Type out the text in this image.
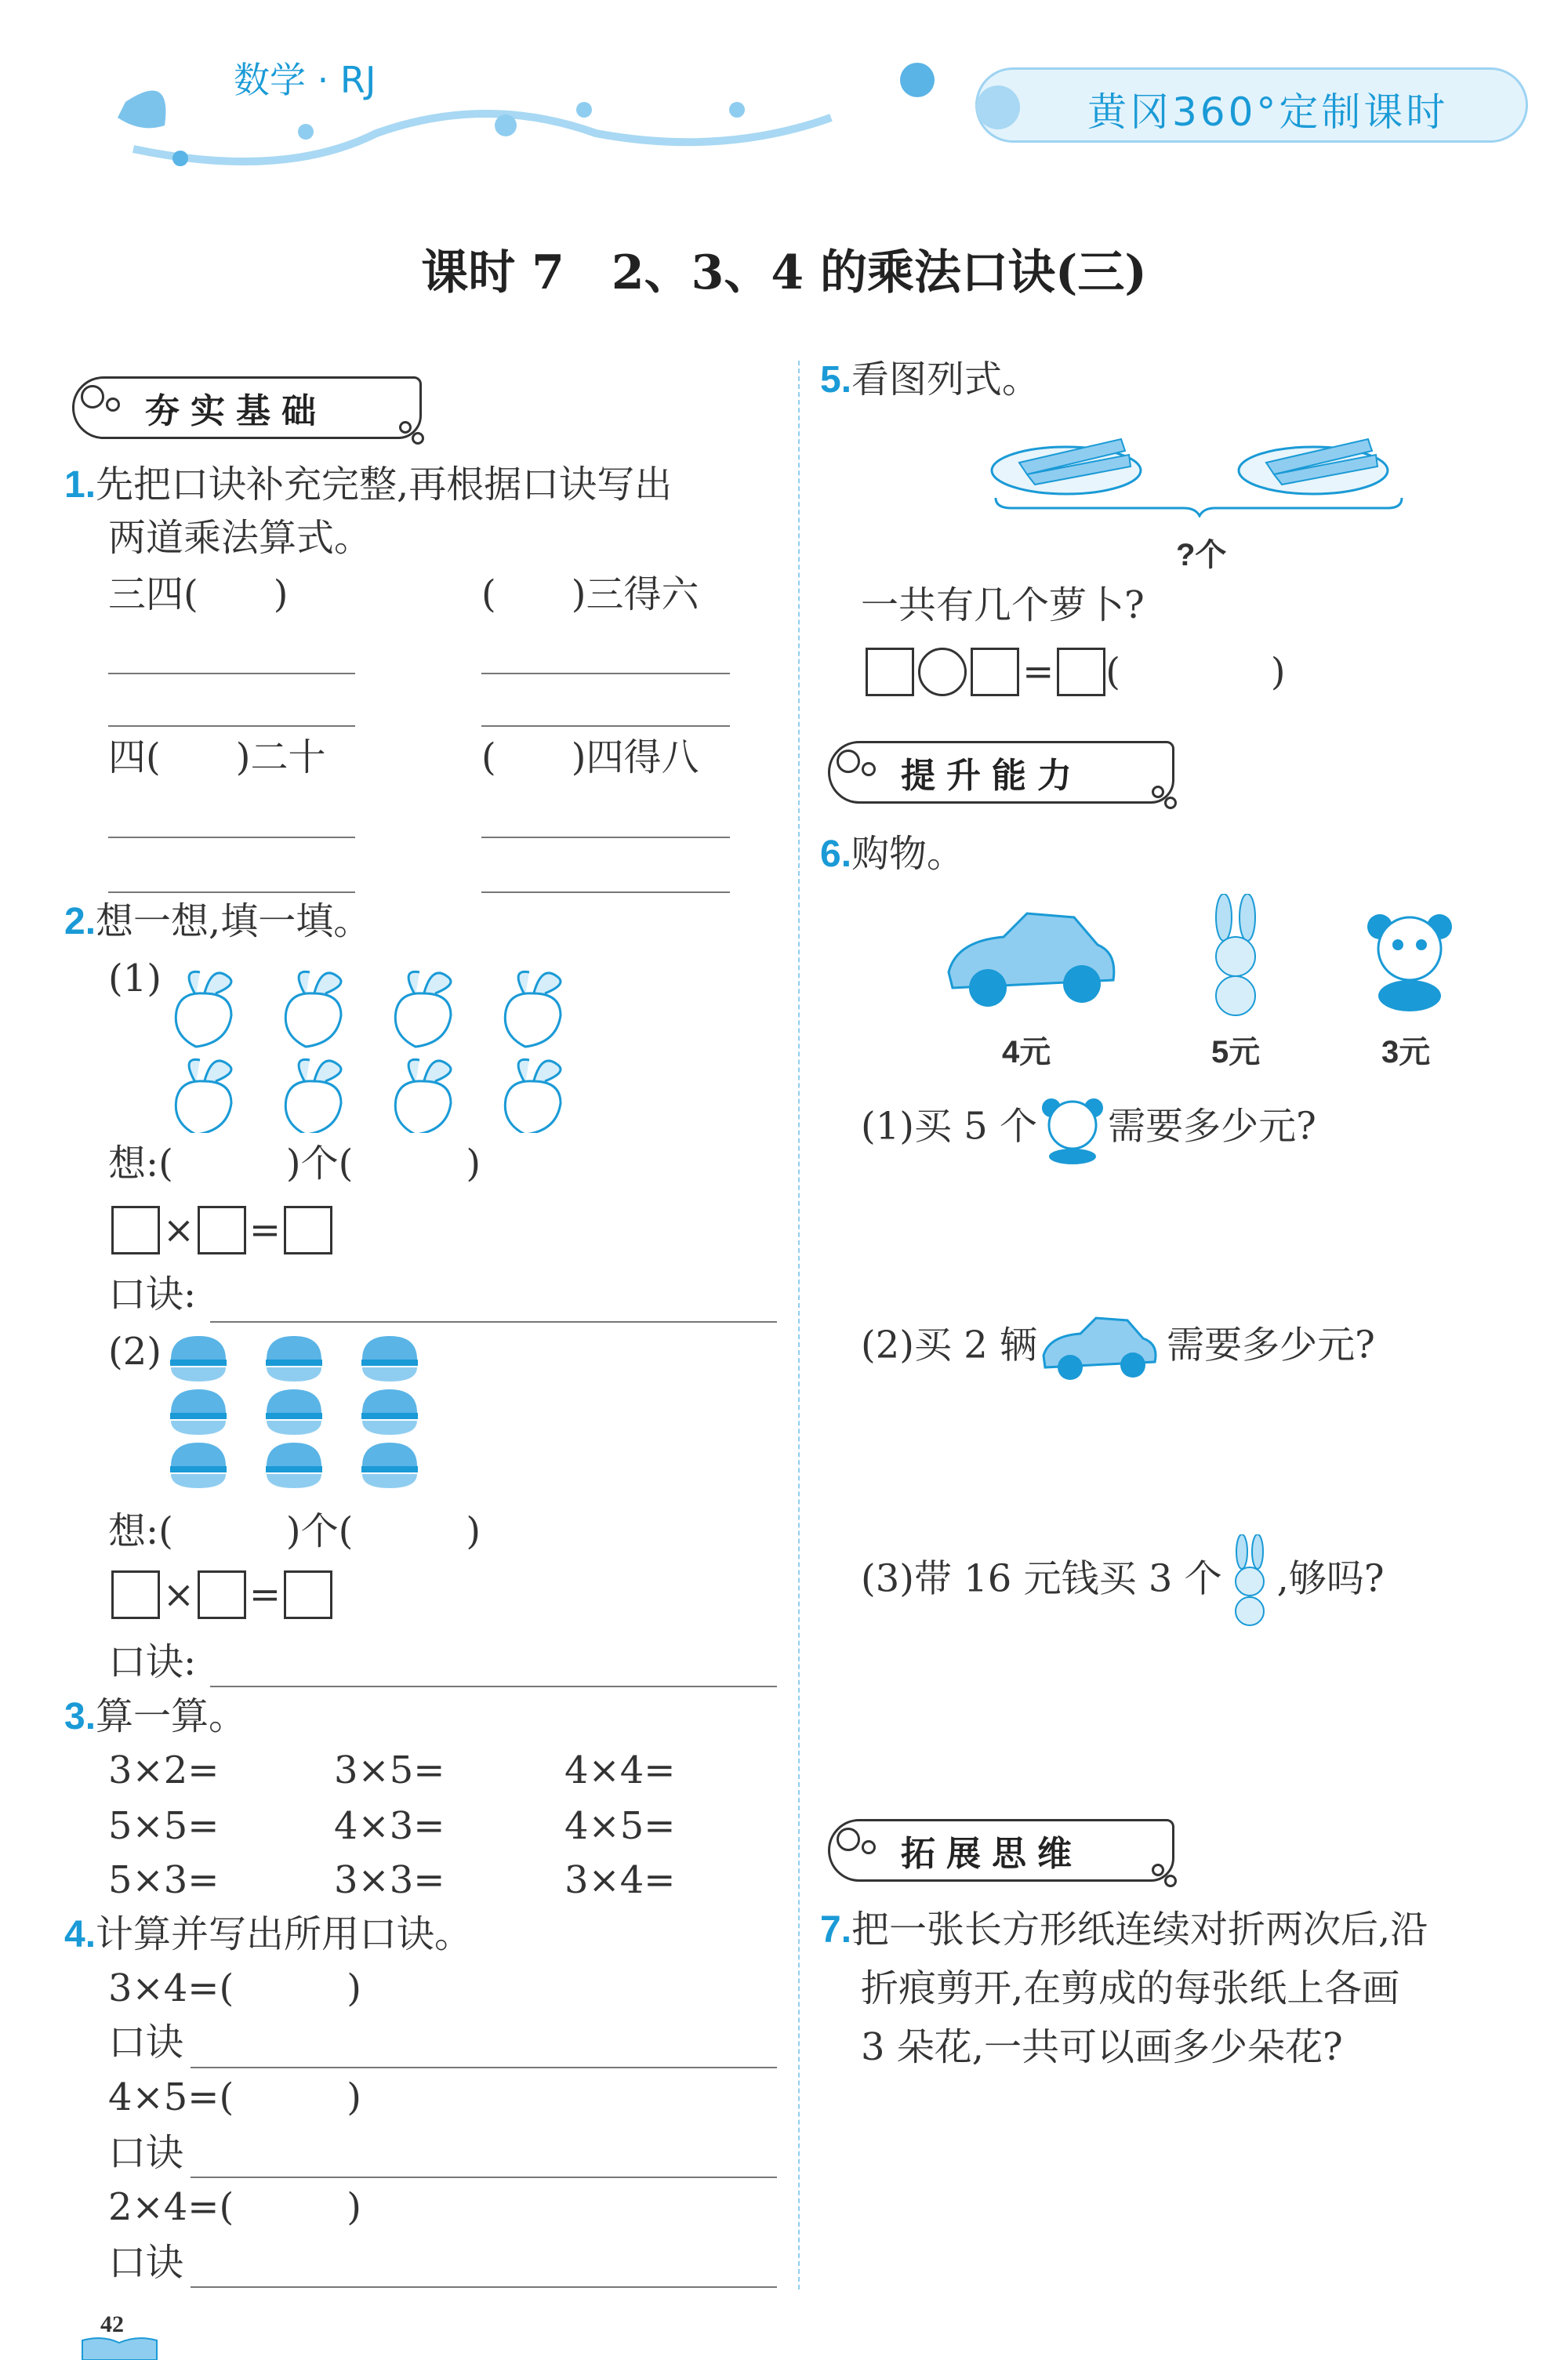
数学 · RJ
黄冈360°定制课时
课时 7　2、3、4 的乘法口诀(三)
夯实基础
1.先把口诀补充完整,再根据口诀写出
两道乘法算式。
三四(　　)	(　　)三得六
四(　　)二十	(　　)四得八
2.想一想,填一填。
(1)
想:(　　　)个(　　　)
× =
口诀:
(2)
想:(　　　)个(　　　)
× =
口诀:
3.算一算。
3×2=	3×5=	4×4=
5×5=	4×3=	4×5=
5×3=	3×3=	3×4=
4.计算并写出所用口诀。
3×4=(　　　)
口诀
4×5=(　　　)
口诀
2×4=(　　　)
口诀
42
5.看图列式。
?个
一共有几个萝卜?
= (　　　　)
提升能力
6.购物。
4元	5元	3元
(1)买 5 个 需要多少元?
(2)买 2 辆	需要多少元?
(3)带 16 元钱买 3 个 ,够吗?
拓展思维
7.把一张长方形纸连续对折两次后,沿
折痕剪开,在剪成的每张纸上各画
3 朵花,一共可以画多少朵花?
